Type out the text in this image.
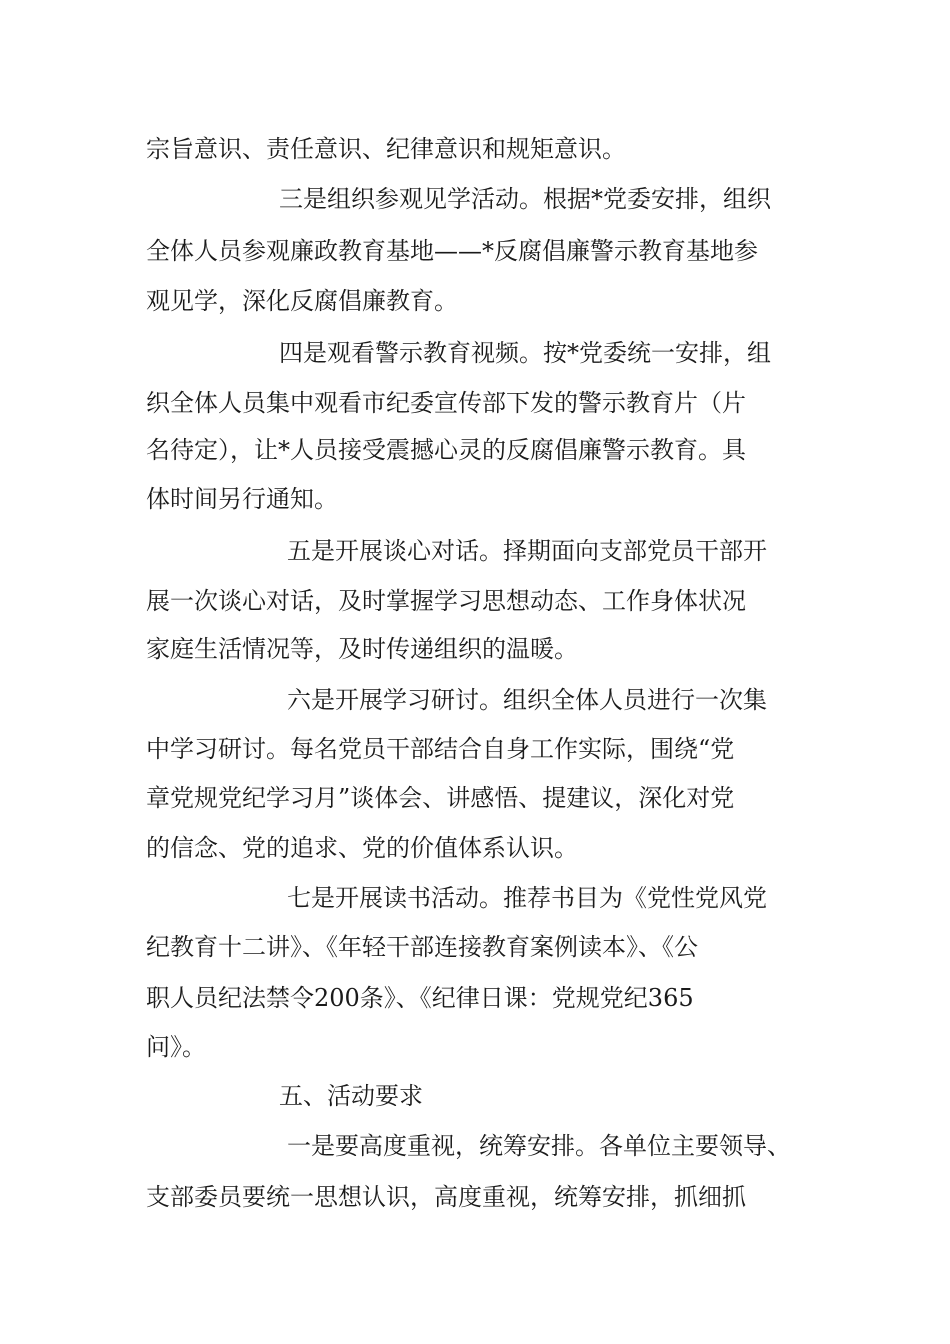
宗旨意识、责任意识、纪律意识和规矩意识。

三是组织参观见学活动。根据*党委安排，组织

全体人员参观廉政教育基地——*反腐倡廉警示教育基地参

观见学，深化反腐倡廉教育。

四是观看警示教育视频。按*党委统一安排，组

织全体人员集中观看市纪委宣传部下发的警示教育片（片

名待定），让*人员接受震撼心灵的反腐倡廉警示教育。具

体时间另行通知。

五是开展谈心对话。择期面向支部党员干部开

展一次谈心对话，及时掌握学习思想动态、工作身体状况

家庭生活情况等，及时传递组织的温暖。

六是开展学习研讨。组织全体人员进行一次集

中学习研讨。每名党员干部结合自身工作实际，围绕“党

章党规党纪学习月”谈体会、讲感悟、提建议，深化对党

的信念、党的追求、党的价值体系认识。

七是开展读书活动。推荐书目为《党性党风党

纪教育十二讲》、《年轻干部连接教育案例读本》、《公

职人员纪法禁令200条》、《纪律日课：党规党纪365

问》。

五、活动要求

一是要高度重视，统筹安排。各单位主要领导、

支部委员要统一思想认识，高度重视，统筹安排，抓细抓
